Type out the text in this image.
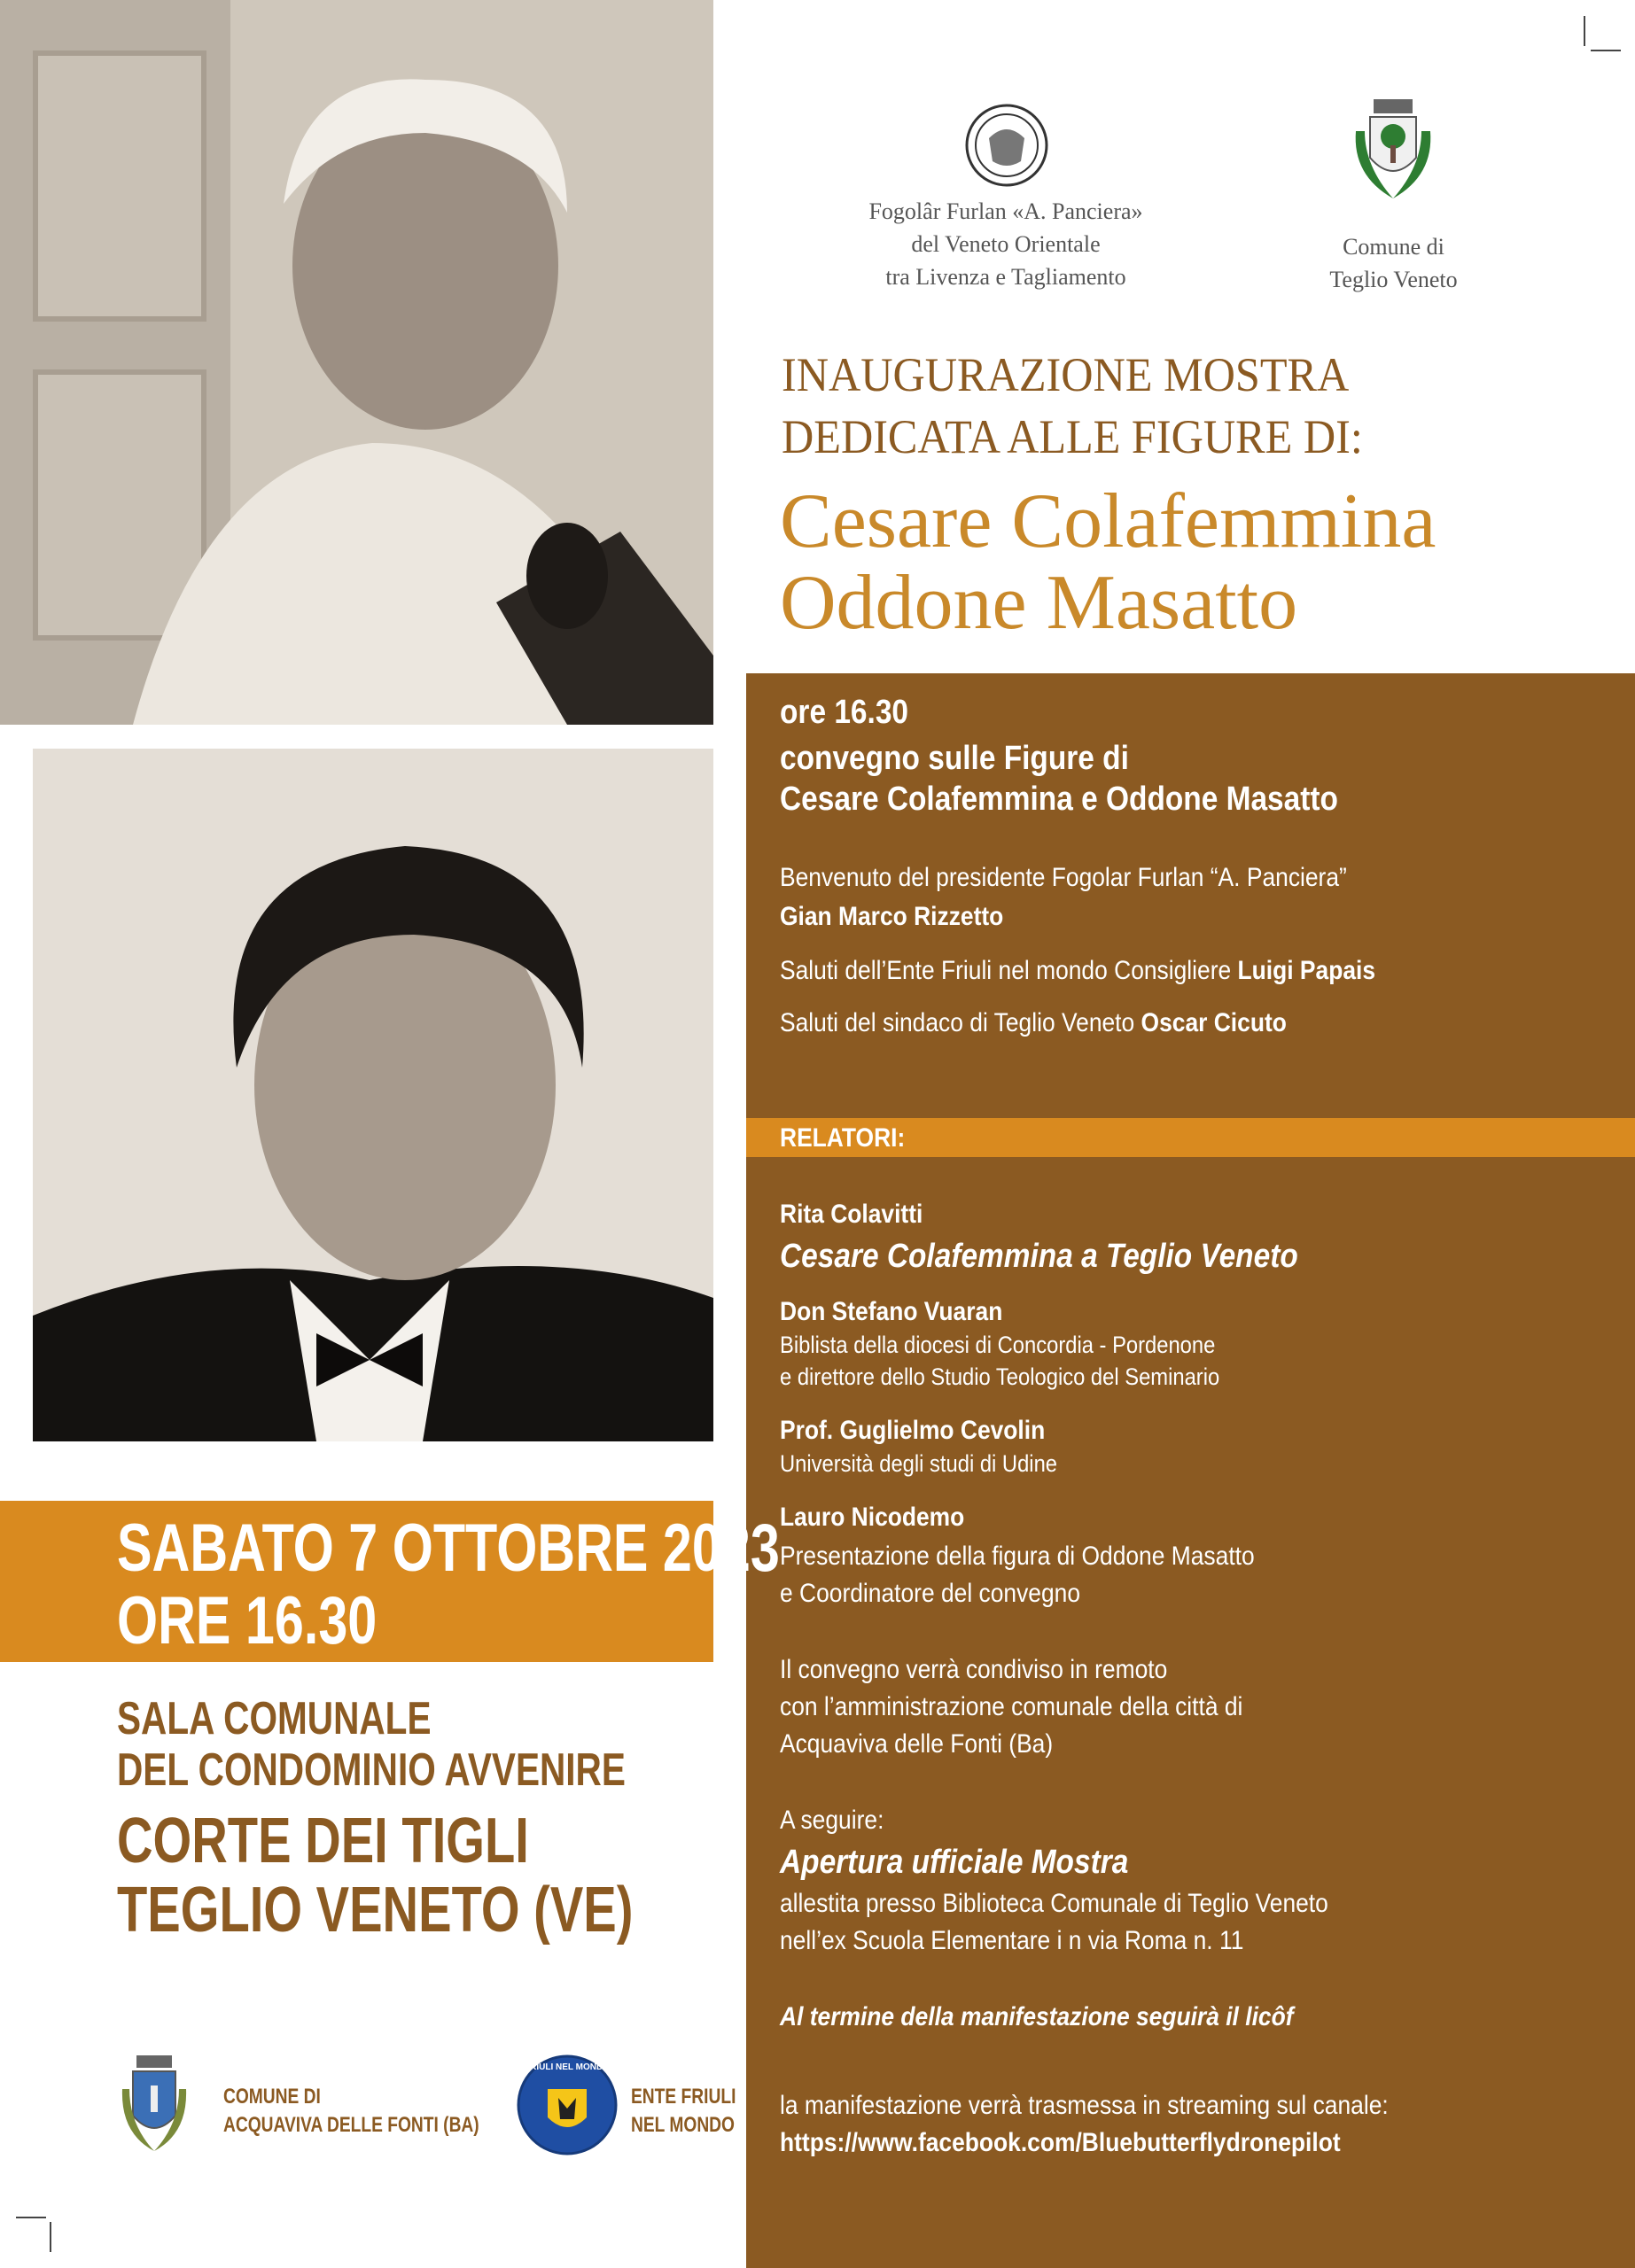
Fogolâr Furlan «A. Panciera»
del Veneto Orientale
tra Livenza e Tagliamento
Comune di
Teglio Veneto
INAUGURAZIONE MOSTRA
DEDICATA ALLE FIGURE DI:
Cesare Colafemmina
Oddone Masatto
ore 16.30
convegno sulle Figure di
Cesare Colafemmina e Oddone Masatto
Benvenuto del presidente Fogolar Furlan “A. Panciera”
Gian Marco Rizzetto
Saluti dell’Ente Friuli nel mondo Consigliere Luigi Papais
Saluti del sindaco di Teglio Veneto Oscar Cicuto
RELATORI:
Rita Colavitti
Cesare Colafemmina a Teglio Veneto
Don Stefano Vuaran
Biblista della diocesi di Concordia - Pordenone
e direttore dello Studio Teologico del Seminario
Prof. Guglielmo Cevolin
Università degli studi di Udine
Lauro Nicodemo
Presentazione della figura di Oddone Masatto
e Coordinatore del convegno
Il convegno verrà condiviso in remoto
con l’amministrazione comunale della città di
Acquaviva delle Fonti (Ba)
A seguire:
Apertura ufficiale Mostra
allestita presso Biblioteca Comunale di Teglio Veneto
nell’ex Scuola Elementare i n via Roma n. 11
Al termine della manifestazione seguirà il licôf
la manifestazione verrà trasmessa in streaming sul canale:
https://www.facebook.com/Bluebutterflydronepilot
SABATO 7 OTTOBRE 2023
ORE 16.30
SALA COMUNALE
DEL CONDOMINIO AVVENIRE
CORTE DEI TIGLI
TEGLIO VENETO (VE)
COMUNE DI
ACQUAVIVA DELLE FONTI (BA)
FRIULI NEL MONDO
ENTE FRIULI
NEL MONDO
